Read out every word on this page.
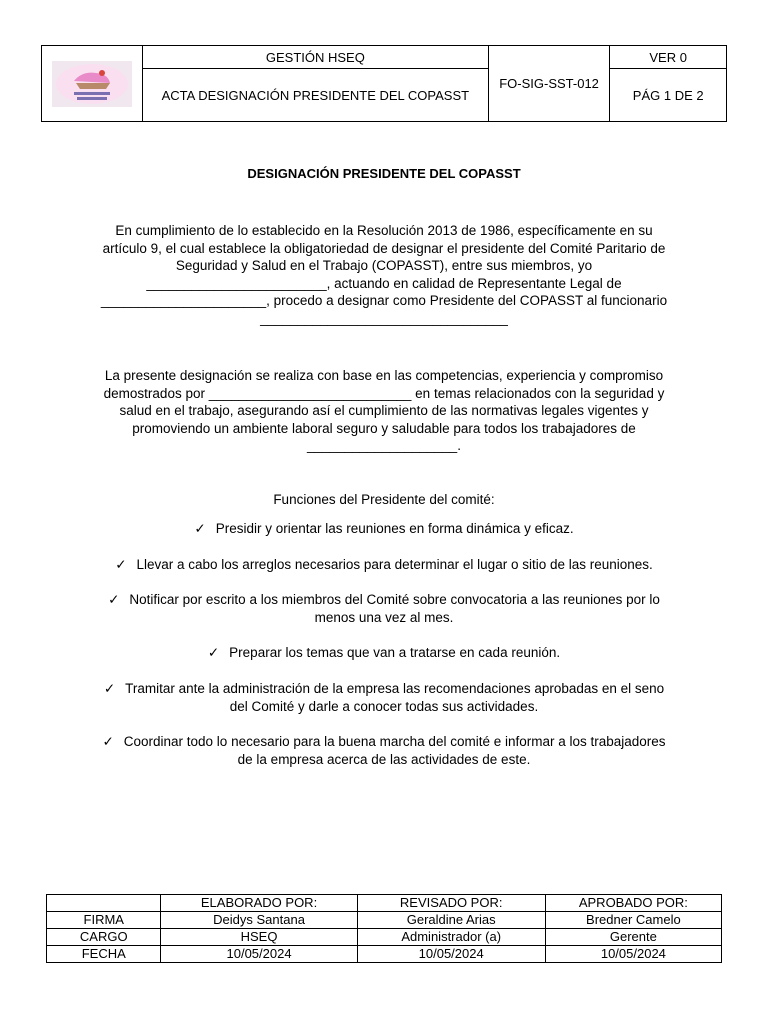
	GESTIÓN HSEQ	FO-SIG-SST-012	VER 0
	ACTA DESIGNACIÓN PRESIDENTE DEL COPASST		PÁG 1 DE 2
DESIGNACIÓN PRESIDENTE DEL COPASST
En cumplimiento de lo establecido en la Resolución 2013 de 1986, específicamente en su artículo 9, el cual establece la obligatoriedad de designar el presidente del Comité Paritario de Seguridad y Salud en el Trabajo (COPASST), entre sus miembros, yo ________________________, actuando en calidad de Representante Legal de ______________________, procedo a designar como Presidente del COPASST al funcionario _________________________________
La presente designación se realiza con base en las competencias, experiencia y compromiso demostrados por ___________________________ en temas relacionados con la seguridad y salud en el trabajo, asegurando así el cumplimiento de las normativas legales vigentes y promoviendo un ambiente laboral seguro y saludable para todos los trabajadores de ____________________.
Funciones del Presidente del comité:
✓ Presidir y orientar las reuniones en forma dinámica y eficaz.
✓ Llevar a cabo los arreglos necesarios para determinar el lugar o sitio de las reuniones.
✓ Notificar por escrito a los miembros del Comité sobre convocatoria a las reuniones por lo menos una vez al mes.
✓ Preparar los temas que van a tratarse en cada reunión.
✓ Tramitar ante la administración de la empresa las recomendaciones aprobadas en el seno del Comité y darle a conocer todas sus actividades.
✓ Coordinar todo lo necesario para la buena marcha del comité e informar a los trabajadores de la empresa acerca de las actividades de este.
	ELABORADO POR:	REVISADO POR:	APROBADO POR:
FIRMA	Deidys Santana	Geraldine Arias	Bredner Camelo
CARGO	HSEQ	Administrador (a)	Gerente
FECHA	10/05/2024	10/05/2024	10/05/2024
